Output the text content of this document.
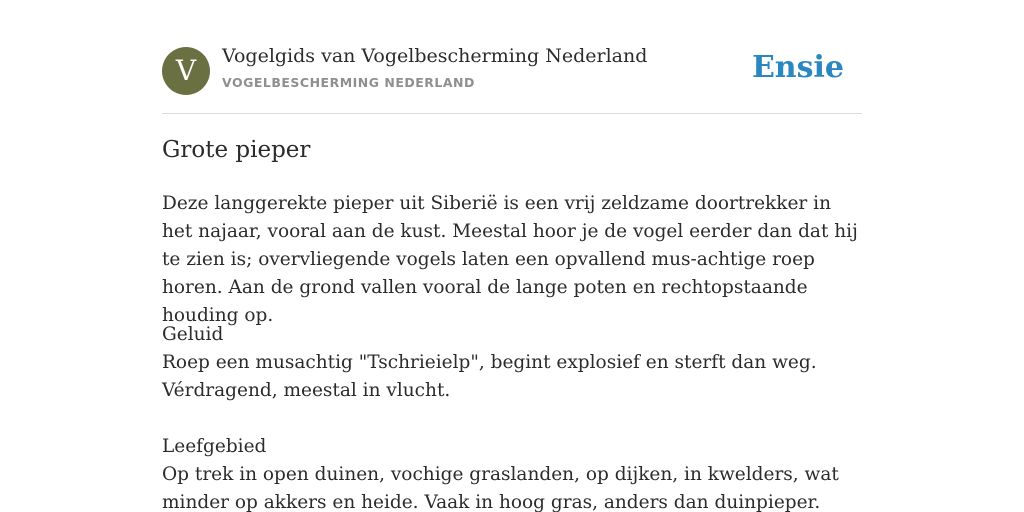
V	Vogelgids van Vogelbescherming Nederland
VOGELBESCHERMING NEDERLAND	Ensie
Grote pieper

Deze langgerekte pieper uit Siberië is een vrij zeldzame doortrekker in het najaar, vooral aan de kust. Meestal hoor je de vogel eerder dan dat hij te zien is; overvliegende vogels laten een opvallend mus-achtige roep horen. Aan de grond vallen vooral de lange poten en rechtopstaande houding op.

Geluid
Roep een musachtig "Tschrieielp", begint explosief en sterft dan weg. Vérdragend, meestal in vlucht.
Leefgebied
Op trek in open duinen, vochige graslanden, op dijken, in kwelders, wat minder op akkers en heide. Vaak in hoog gras, anders dan duinpieper.
